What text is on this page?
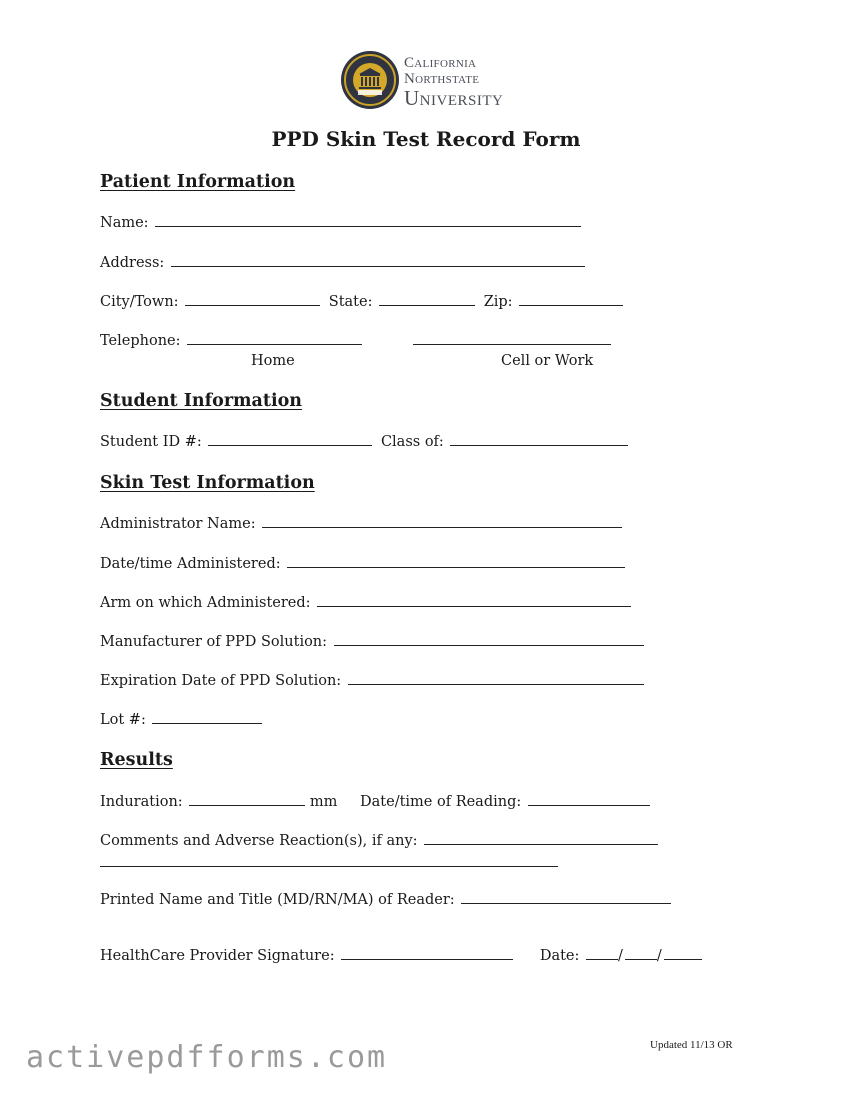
California
Northstate
University
PPD Skin Test Record Form
Patient Information
Name:
Address:
City/Town:	State:	Zip:
Telephone:
Home	Cell or Work
Student Information
Student ID #:	Class of:
Skin Test Information
Administrator Name:
Date/time Administered:
Arm on which Administered:
Manufacturer of PPD Solution:
Expiration Date of PPD Solution:
Lot #:
Results
Induration:	mm Date/time of Reading:
Comments and Adverse Reaction(s), if any:
Printed Name and Title (MD/RN/MA) of Reader:
HealthCare Provider Signature:	Date:	/ /
Updated 11/13 OR
activepdfforms.com
